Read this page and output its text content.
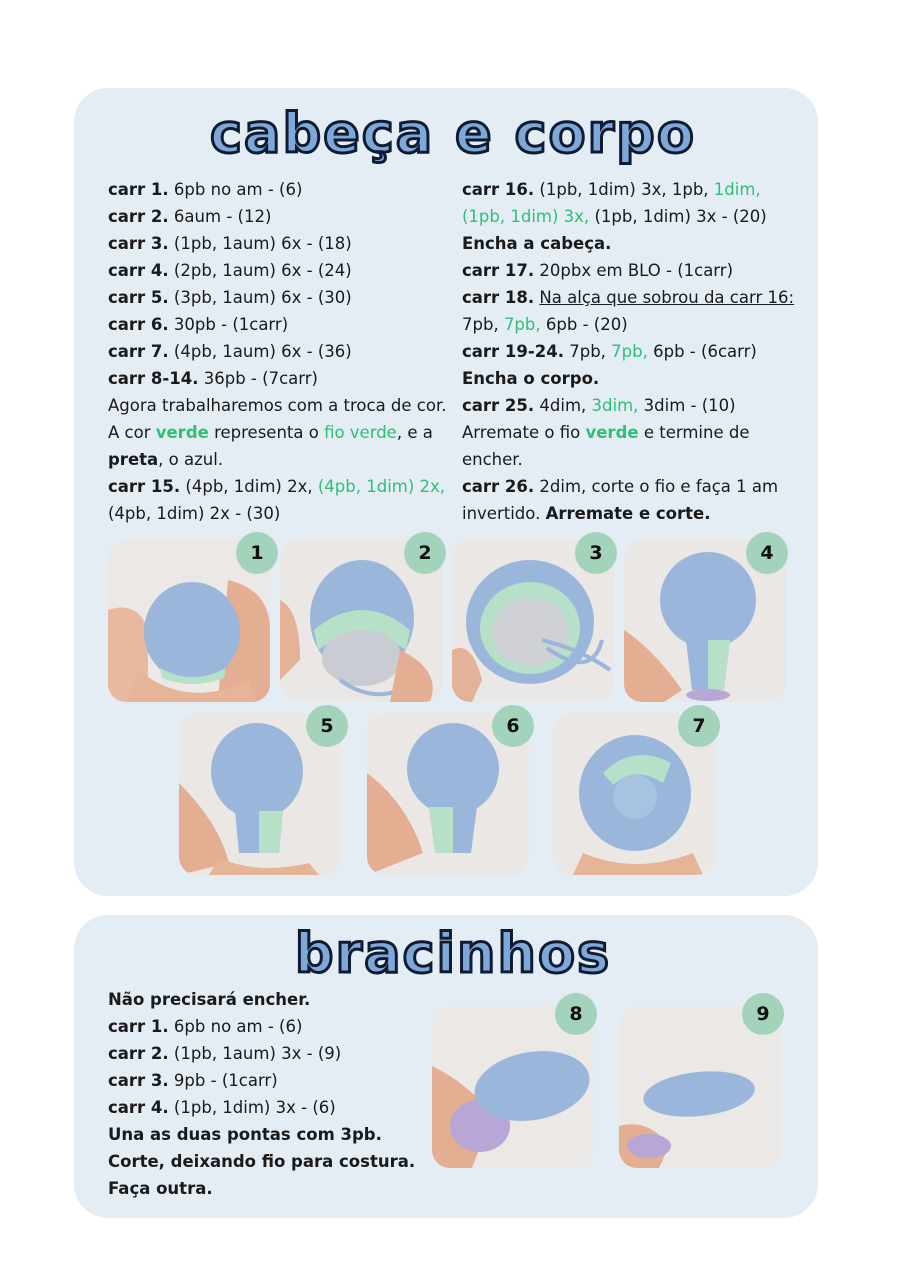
cabeça e corpo
carr 1. 6pb no am - (6)
carr 2. 6aum - (12)
carr 3. (1pb, 1aum) 6x - (18)
carr 4. (2pb, 1aum) 6x - (24)
carr 5. (3pb, 1aum) 6x - (30)
carr 6. 30pb - (1carr)
carr 7. (4pb, 1aum) 6x - (36)
carr 8-14. 36pb - (7carr)
Agora trabalharemos com a troca de cor. A cor verde representa o fio verde, e a preta, o azul.
carr 15. (4pb, 1dim) 2x, (4pb, 1dim) 2x, (4pb, 1dim) 2x - (30)
carr 16. (1pb, 1dim) 3x, 1pb, 1dim, (1pb, 1dim) 3x, (1pb, 1dim) 3x - (20)
Encha a cabeça.
carr 17. 20pbx em BLO - (1carr)
carr 18. Na alça que sobrou da carr 16:
7pb, 7pb, 6pb - (20)
carr 19-24. 7pb, 7pb, 6pb - (6carr)
Encha o corpo.
carr 25. 4dim, 3dim, 3dim - (10)
Arremate o fio verde e termine de encher.
carr 26. 2dim, corte o fio e faça 1 am invertido. Arremate e corte.
1	2	3	4
5	6	7
bracinhos
Não precisará encher.
carr 1. 6pb no am - (6)
carr 2. (1pb, 1aum) 3x - (9)
carr 3. 9pb - (1carr)
carr 4. (1pb, 1dim) 3x - (6)
Una as duas pontas com 3pb.
Corte, deixando fio para costura.
Faça outra.
8	9
